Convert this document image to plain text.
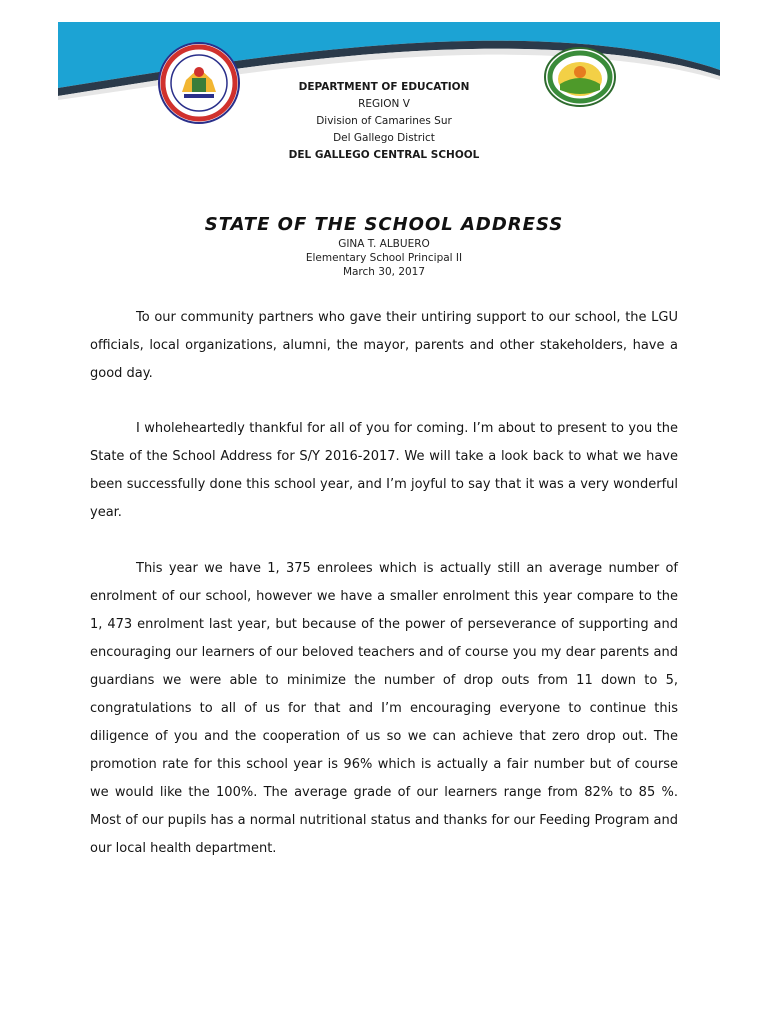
DEPARTMENT OF EDUCATION
REGION V
Division of Camarines Sur
Del Gallego District
DEL GALLEGO CENTRAL SCHOOL
STATE OF THE SCHOOL ADDRESS
GINA T. ALBUERO
Elementary School Principal II
March 30, 2017

To our community partners who gave their untiring support to our school, the LGU officials, local organizations, alumni, the mayor, parents and other stakeholders, have a good day.

I wholeheartedly thankful for all of you for coming. I’m about to present to you the State of the School Address for S/Y 2016-2017. We will take a look back to what we have been successfully done this school year, and I’m joyful to say that it was a very wonderful year.

This year we have 1, 375 enrolees which is actually still an average number of enrolment of our school, however we have a smaller enrolment this year compare to the 1, 473 enrolment last year, but because of the power of perseverance of supporting and encouraging our learners of our beloved teachers and of course you my dear parents and guardians we were able to minimize the number of drop outs from 11 down to 5, congratulations to all of us for that and I’m encouraging everyone to continue this diligence of you and the cooperation of us so we can achieve that zero drop out. The promotion rate for this school year is 96% which is actually a fair number but of course we would like the 100%. The average grade of our learners range from 82% to 85 %. Most of our pupils has a normal nutritional status and thanks for our Feeding Program and our local health department.
